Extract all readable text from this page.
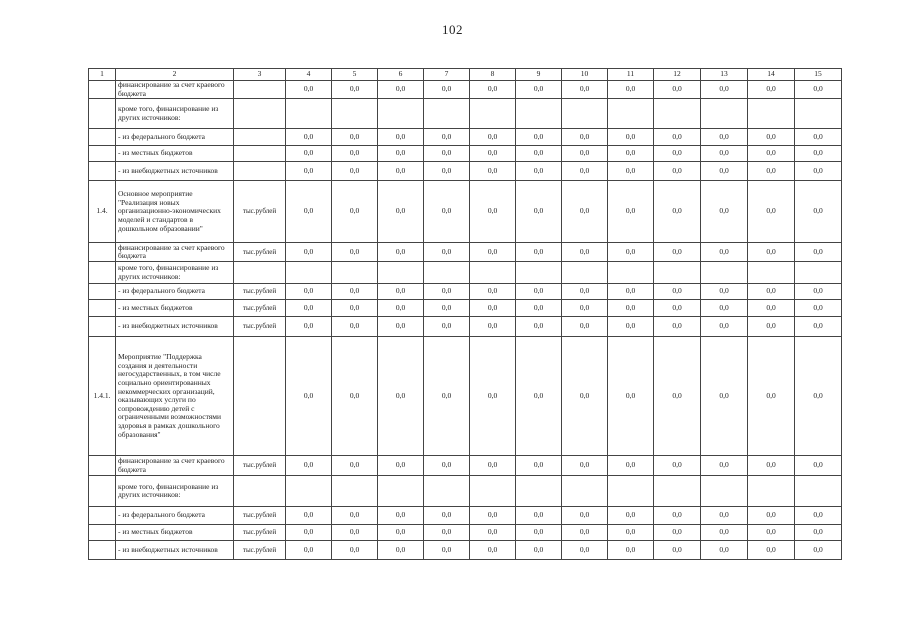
102
1	2	3	4	5	6	7	8	9	10	11	12	13	14	15
	финансирование за счет краевого бюджета		0,0	0,0	0,0	0,0	0,0	0,0	0,0	0,0	0,0	0,0	0,0	0,0
	кроме того, финансирование из других источников:													
	- из федерального бюджета		0,0	0,0	0,0	0,0	0,0	0,0	0,0	0,0	0,0	0,0	0,0	0,0
	- из местных бюджетов		0,0	0,0	0,0	0,0	0,0	0,0	0,0	0,0	0,0	0,0	0,0	0,0
	- из внебюджетных источников		0,0	0,0	0,0	0,0	0,0	0,0	0,0	0,0	0,0	0,0	0,0	0,0
1.4.	Основное мероприятие "Реализация новых организационно-экономических моделей и стандартов в дошкольном образовании"	тыс.рублей	0,0	0,0	0,0	0,0	0,0	0,0	0,0	0,0	0,0	0,0	0,0	0,0
	финансирование за счет краевого бюджета	тыс.рублей	0,0	0,0	0,0	0,0	0,0	0,0	0,0	0,0	0,0	0,0	0,0	0,0
	кроме того, финансирование из других источников:													
	- из федерального бюджета	тыс.рублей	0,0	0,0	0,0	0,0	0,0	0,0	0,0	0,0	0,0	0,0	0,0	0,0
	- из местных бюджетов	тыс.рублей	0,0	0,0	0,0	0,0	0,0	0,0	0,0	0,0	0,0	0,0	0,0	0,0
	- из внебюджетных источников	тыс.рублей	0,0	0,0	0,0	0,0	0,0	0,0	0,0	0,0	0,0	0,0	0,0	0,0
1.4.1.	Мероприятие "Поддержка создания и деятельности негосударственных, в том числе социально ориентированных некоммерческих организаций, оказывающих услуги по сопровождению детей с ограниченными возможностями здоровья в рамках дошкольного образования"		0,0	0,0	0,0	0,0	0,0	0,0	0,0	0,0	0,0	0,0	0,0	0,0
	финансирование за счет краевого бюджета	тыс.рублей	0,0	0,0	0,0	0,0	0,0	0,0	0,0	0,0	0,0	0,0	0,0	0,0
	кроме того, финансирование из других источников:													
	- из федерального бюджета	тыс.рублей	0,0	0,0	0,0	0,0	0,0	0,0	0,0	0,0	0,0	0,0	0,0	0,0
	- из местных бюджетов	тыс.рублей	0,0	0,0	0,0	0,0	0,0	0,0	0,0	0,0	0,0	0,0	0,0	0,0
	- из внебюджетных источников	тыс.рублей	0,0	0,0	0,0	0,0	0,0	0,0	0,0	0,0	0,0	0,0	0,0	0,0
